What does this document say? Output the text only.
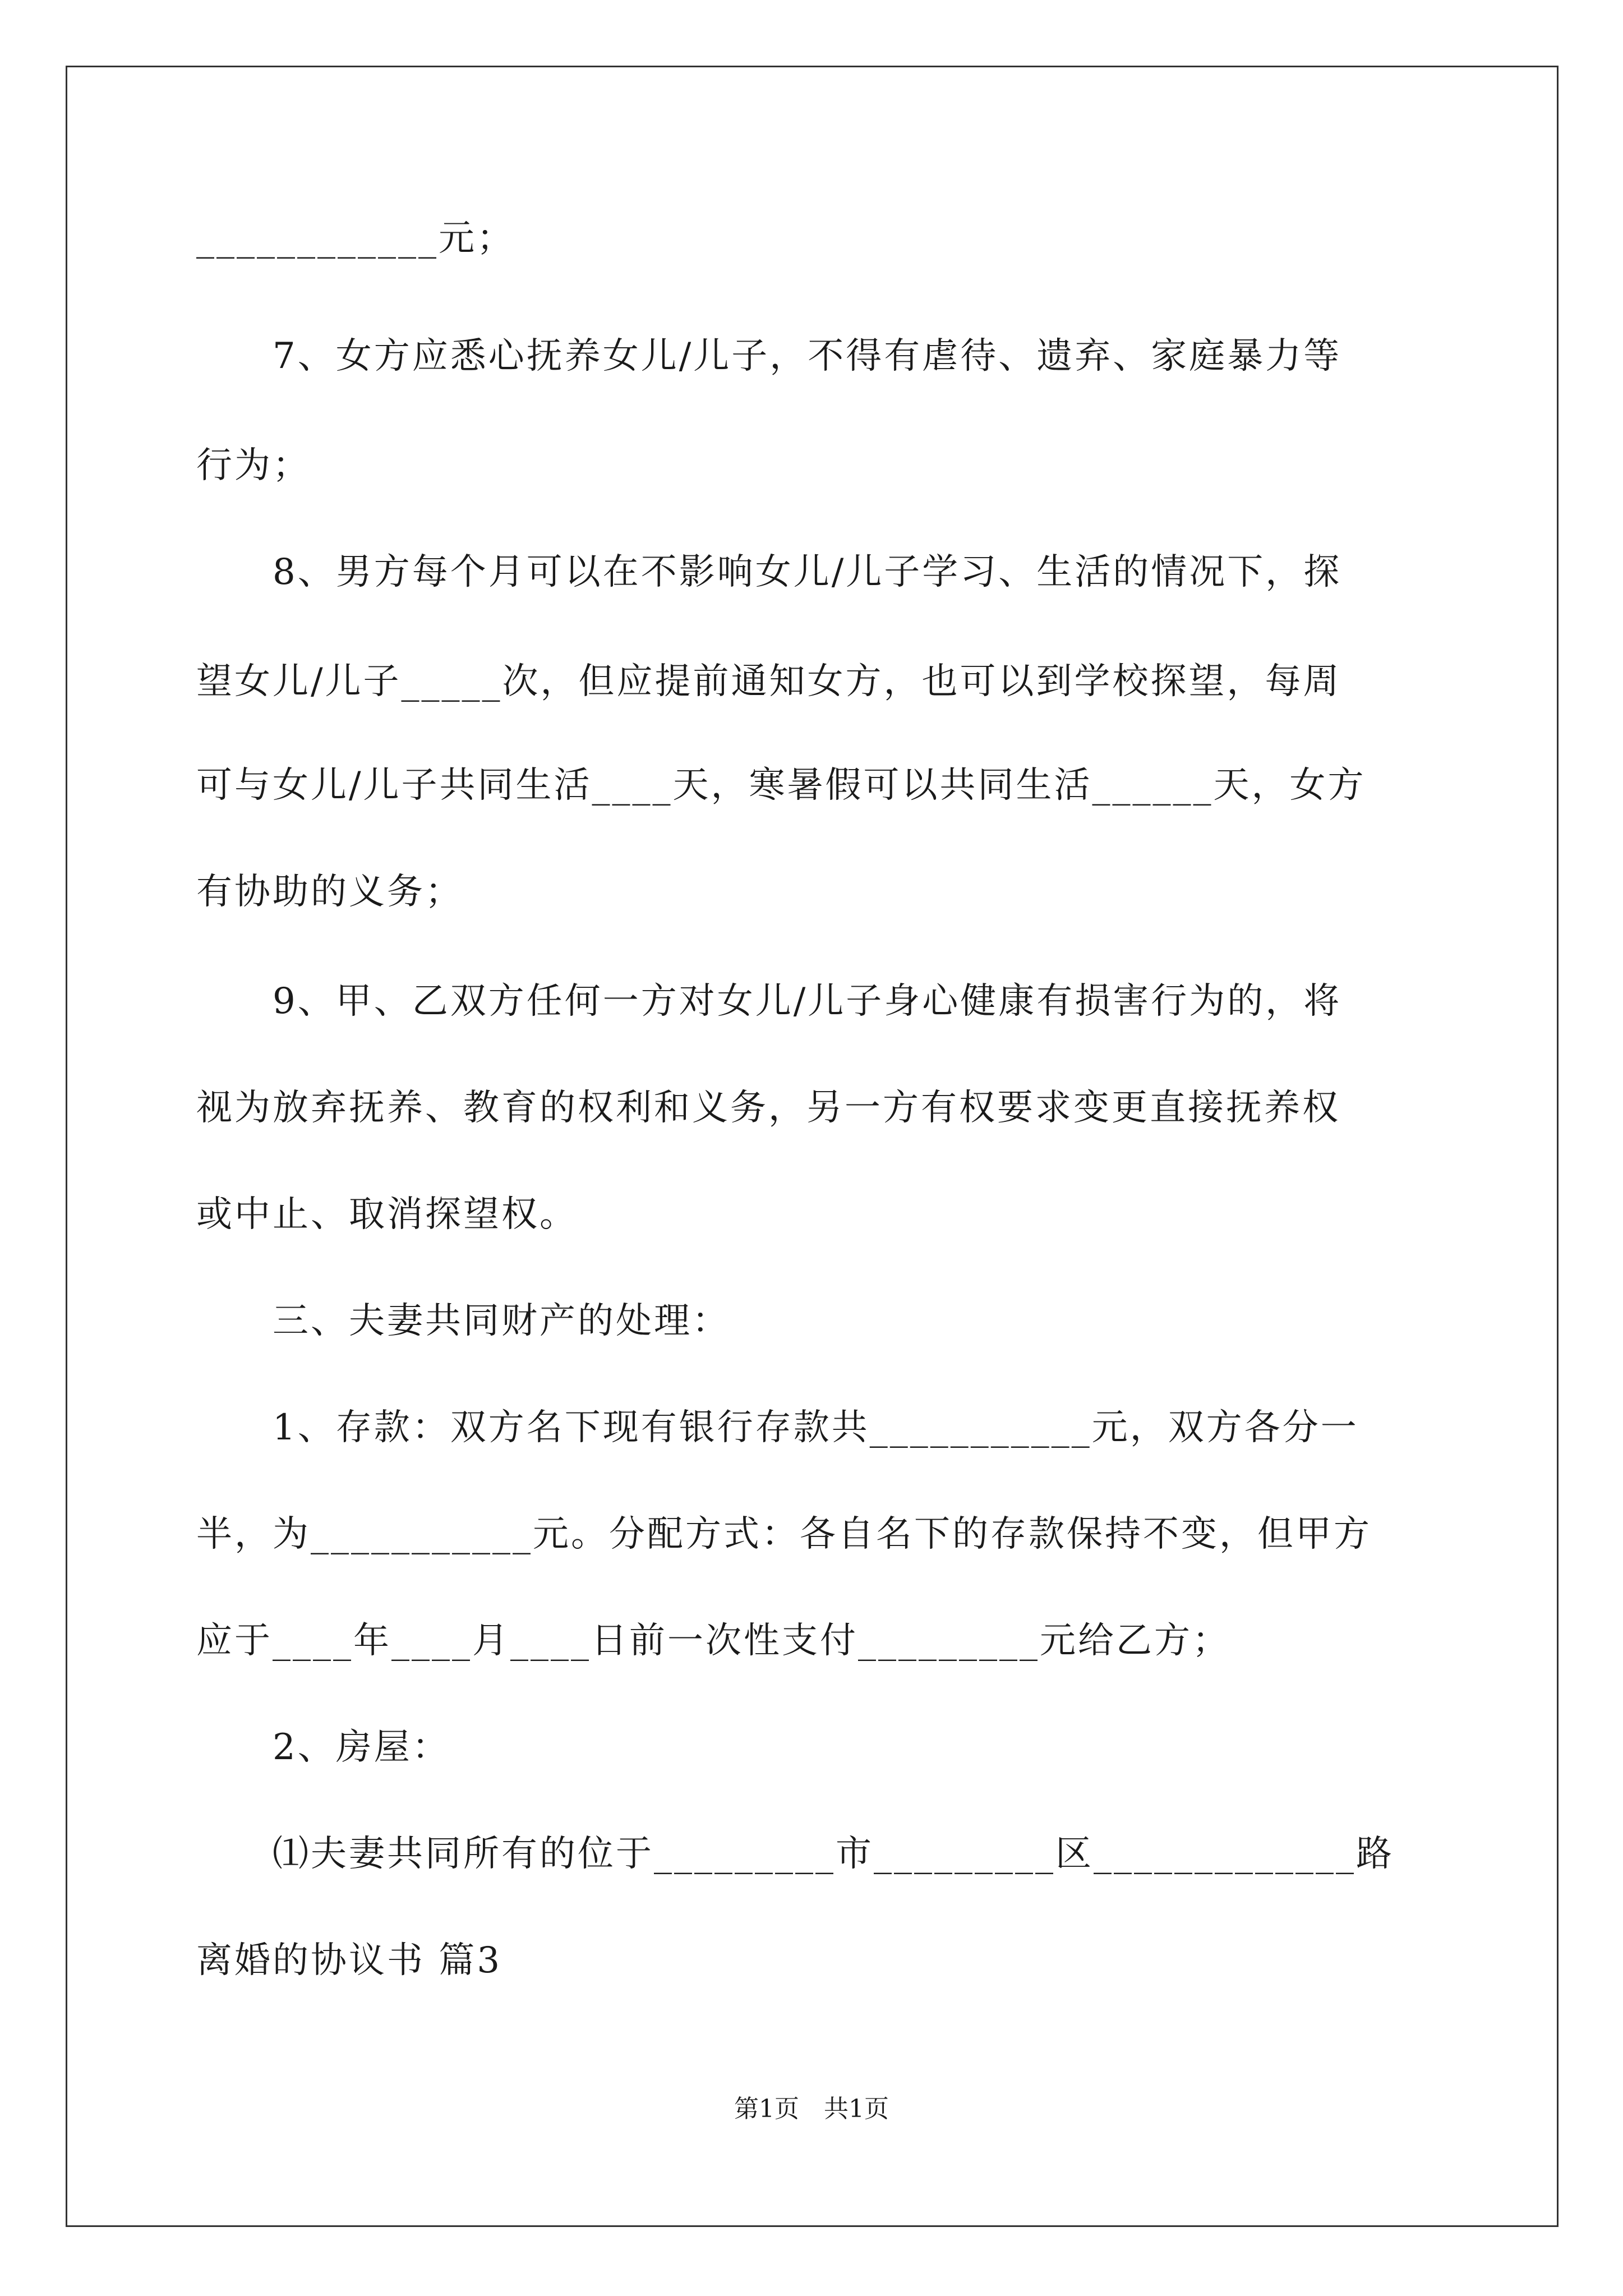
____________元；
　　7、女方应悉心抚养女儿/儿子，不得有虐待、遗弃、家庭暴力等
行为；
　　8、男方每个月可以在不影响女儿/儿子学习、生活的情况下，探
望女儿/儿子_____次，但应提前通知女方，也可以到学校探望，每周
可与女儿/儿子共同生活____天，寒暑假可以共同生活______天，女方
有协助的义务；
　　9、甲、乙双方任何一方对女儿/儿子身心健康有损害行为的，将
视为放弃抚养、教育的权利和义务，另一方有权要求变更直接抚养权
或中止、取消探望权。
　　三、夫妻共同财产的处理：
　　1、存款：双方名下现有银行存款共___________元，双方各分一
半，为___________元。分配方式：各自名下的存款保持不变，但甲方
应于____年____月____日前一次性支付_________元给乙方；
　　2、房屋：
　　⑴夫妻共同所有的位于_________市_________区_____________路
离婚的协议书 篇3
第1页　共1页
